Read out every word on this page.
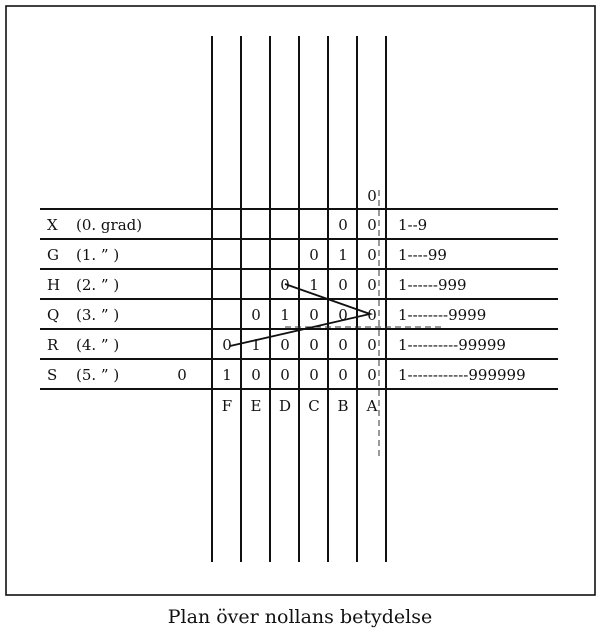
X (0. grad)
G (1. ” )
H (2. ” )
Q (3. ” )
R (4. ” )
S (5. ” )
0 0
0 1 0
0 1 0 0
0 1 0 0 0
0 1 0 0 0 0
0 1 0 0 0 0 0
1--9
1----99
1------999
1--------9999
1----------99999
1------------999999
F E D C B A
0
Plan över nollans betydelse
